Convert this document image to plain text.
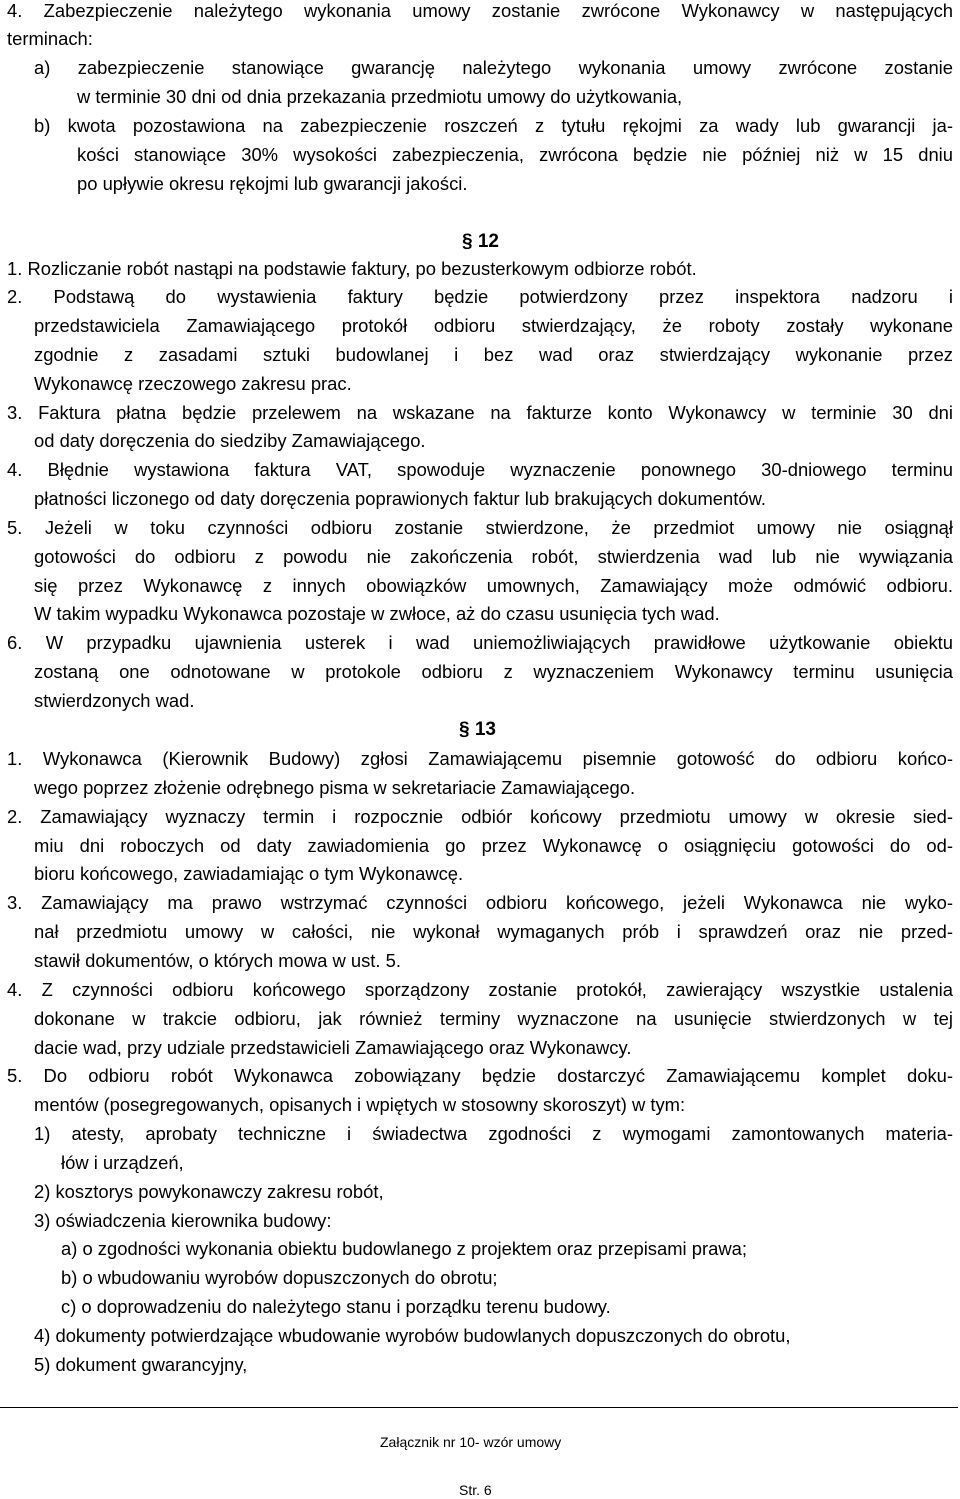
4. Zabezpieczenie należytego wykonania umowy zostanie zwrócone Wykonawcy w następujących
terminach:
a) zabezpieczenie stanowiące gwarancję należytego wykonania umowy zwrócone zostanie
w terminie 30 dni od dnia przekazania przedmiotu umowy do użytkowania,
b) kwota pozostawiona na zabezpieczenie roszczeń z tytułu rękojmi za wady lub gwarancji ja-
kości stanowiące 30% wysokości zabezpieczenia, zwrócona będzie nie później niż w 15 dniu
po upływie okresu rękojmi lub gwarancji jakości.
§ 12
1. Rozliczanie robót nastąpi na podstawie faktury, po bezusterkowym odbiorze robót.
2. Podstawą do wystawienia faktury będzie potwierdzony przez inspektora nadzoru i
przedstawiciela Zamawiającego protokół odbioru stwierdzający, że roboty zostały wykonane
zgodnie z zasadami sztuki budowlanej i bez wad oraz stwierdzający wykonanie przez
Wykonawcę rzeczowego zakresu prac.
3. Faktura płatna będzie przelewem na wskazane na fakturze konto Wykonawcy w terminie 30 dni
od daty doręczenia do siedziby Zamawiającego.
4. Błędnie wystawiona faktura VAT, spowoduje wyznaczenie ponownego 30-dniowego terminu
płatności liczonego od daty doręczenia poprawionych faktur lub brakujących dokumentów.
5. Jeżeli w toku czynności odbioru zostanie stwierdzone, że przedmiot umowy nie osiągnął
gotowości do odbioru z powodu nie zakończenia robót, stwierdzenia wad lub nie wywiązania
się przez Wykonawcę z innych obowiązków umownych, Zamawiający może odmówić odbioru.
W takim wypadku Wykonawca pozostaje w zwłoce, aż do czasu usunięcia tych wad.
6. W przypadku ujawnienia usterek i wad uniemożliwiających prawidłowe użytkowanie obiektu
zostaną one odnotowane w protokole odbioru z wyznaczeniem Wykonawcy terminu usunięcia
stwierdzonych wad.
§ 13
1. Wykonawca (Kierownik Budowy) zgłosi Zamawiającemu pisemnie gotowość do odbioru końco-
wego poprzez złożenie odrębnego pisma w sekretariacie Zamawiającego.
2. Zamawiający wyznaczy termin i rozpocznie odbiór końcowy przedmiotu umowy w okresie sied-
miu dni roboczych od daty zawiadomienia go przez Wykonawcę o osiągnięciu gotowości do od-
bioru końcowego, zawiadamiając o tym Wykonawcę.
3. Zamawiający ma prawo wstrzymać czynności odbioru końcowego, jeżeli Wykonawca nie wyko-
nał przedmiotu umowy w całości, nie wykonał wymaganych prób i sprawdzeń oraz nie przed-
stawił dokumentów, o których mowa w ust. 5.
4. Z czynności odbioru końcowego sporządzony zostanie protokół, zawierający wszystkie ustalenia
dokonane w trakcie odbioru, jak również terminy wyznaczone na usunięcie stwierdzonych w tej
dacie wad, przy udziale przedstawicieli Zamawiającego oraz Wykonawcy.
5. Do odbioru robót Wykonawca zobowiązany będzie dostarczyć Zamawiającemu komplet doku-
mentów (posegregowanych, opisanych i wpiętych w stosowny skoroszyt) w tym:
1) atesty, aprobaty techniczne i świadectwa zgodności z wymogami zamontowanych materia-
łów i urządzeń,
2) kosztorys powykonawczy zakresu robót,
3) oświadczenia kierownika budowy:
a) o zgodności wykonania obiektu budowlanego z projektem oraz przepisami prawa;
b) o wbudowaniu wyrobów dopuszczonych do obrotu;
c) o doprowadzeniu do należytego stanu i porządku terenu budowy.
4) dokumenty potwierdzające wbudowanie wyrobów budowlanych dopuszczonych do obrotu,
5) dokument gwarancyjny,
Załącznik nr 10- wzór umowy
Str. 6
